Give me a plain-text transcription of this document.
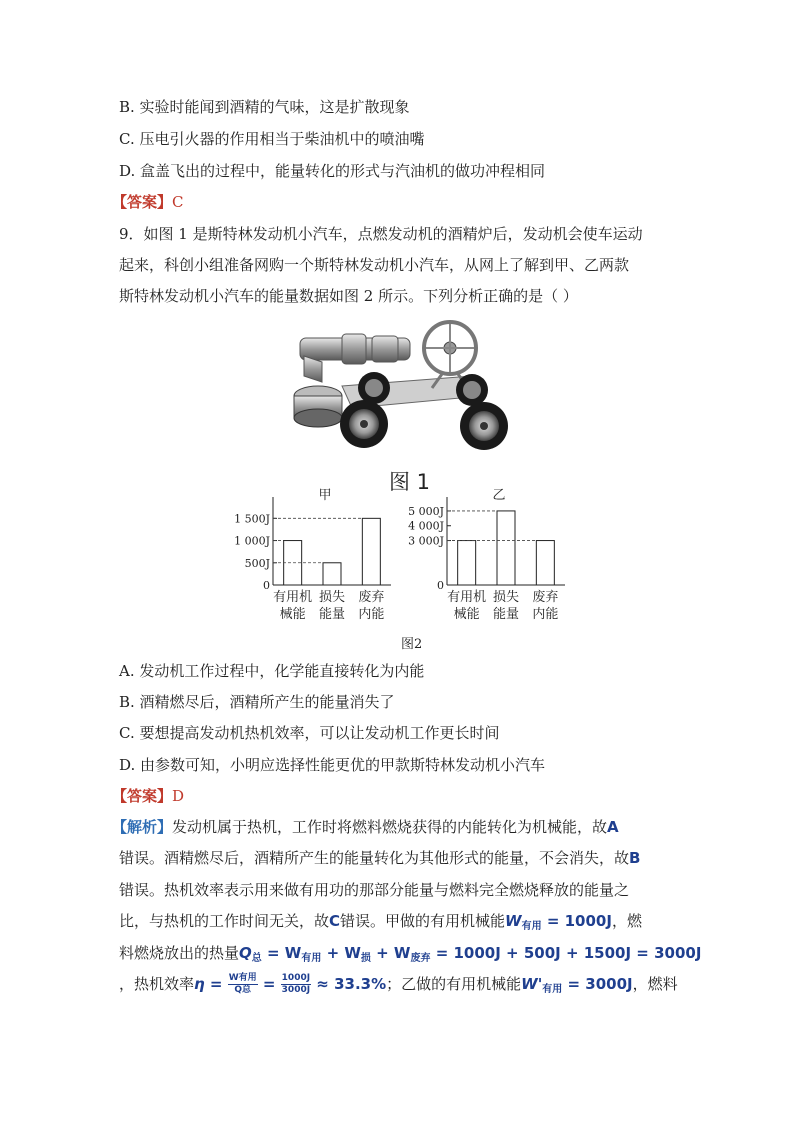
B. 实验时能闻到酒精的气味，这是扩散现象
C. 压电引火器的作用相当于柴油机中的喷油嘴
D. 盒盖飞出的过程中，能量转化的形式与汽油机的做功冲程相同
【答案】C
9．如图 1 是斯特林发动机小汽车，点燃发动机的酒精炉后，发动机会使车运动
起来，科创小组准备网购一个斯特林发动机小汽车，从网上了解到甲、乙两款
斯特林发动机小汽车的能量数据如图 2 所示。下列分析正确的是（ ）
图 1
甲
0
500J
1 000J
1 500J
有用机
械能
损失
能量
废弃
内能
乙
0
3 000J
4 000J
5 000J
有用机
械能
损失
能量
废弃
内能
图2
A. 发动机工作过程中，化学能直接转化为内能
B. 酒精燃尽后，酒精所产生的能量消失了
C. 要想提高发动机热机效率，可以让发动机工作更长时间
D. 由参数可知，小明应选择性能更优的甲款斯特林发动机小汽车
【答案】D
【解析】发动机属于热机，工作时将燃料燃烧获得的内能转化为机械能，故A
错误。酒精燃尽后，酒精所产生的能量转化为其他形式的能量，不会消失，故B
错误。热机效率表示用来做有用功的那部分能量与燃料完全燃烧释放的能量之
比，与热机的工作时间无关，故C错误。甲做的有用机械能$W_{有用} = 1000J$，燃
料燃烧放出的热量$Q_总 = W_{有用} + W_损 + W_{废弃} = 1000J + 500J + 1500J = 3000J$
，热机效率$\eta = \frac{\text{W有用}}{\text{Q总}} = \frac{1000J}{3000J} \approx 33.3\%$；乙做的有用机械能$W'_{有用} = 3000J$，燃料
